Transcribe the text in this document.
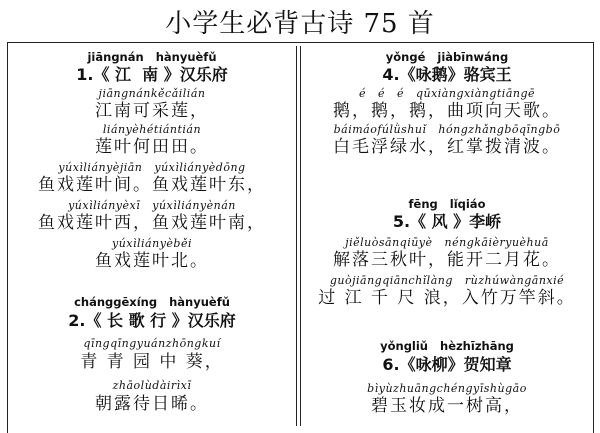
小学生必背古诗 75 首
jiāngnán   hànyuèfǔ
1.《 江  南 》汉乐府
jiāngnánkěcǎilián
江南可采莲，
liányèhétiántián
莲叶何田田。
yúxìliányèjiān   yúxìliányèdōng
鱼戏莲叶间。鱼戏莲叶东，
yúxìliányèxī   yúxìliányènán
鱼戏莲叶西，鱼戏莲叶南，
yúxìliányèběi
鱼戏莲叶北。
chánggēxíng   hànyuèfǔ
2.《 长 歌 行 》汉乐府
qīngqīngyuánzhōngkuí
青 青 园 中 葵，
zhāolùdàirìxī
朝露待日晞。
yǒngé   jiàbīnwáng
4.《咏鹅》骆宾王
é   é   é   qūxiàngxiàngtiāngē
鹅，鹅，鹅，曲项向天歌。
báimáofúlǜshuǐ   hóngzhǎngbōqīngbō
白毛浮绿水，红掌拨清波。
fēng   lǐqiáo
5.《 风 》李峤
jiěluòsānqiūyè   néngkāièryuèhuā
解落三秋叶，能开二月花。
guòjiāngqiānchǐlàng   rùzhúwàngānxié
过 江 千 尺 浪，入竹万竿斜。
yǒngliǔ   hèzhīzhāng
6.《咏柳》贺知章
bìyùzhuāngchéngyīshùgāo
碧玉妆成一树高，
